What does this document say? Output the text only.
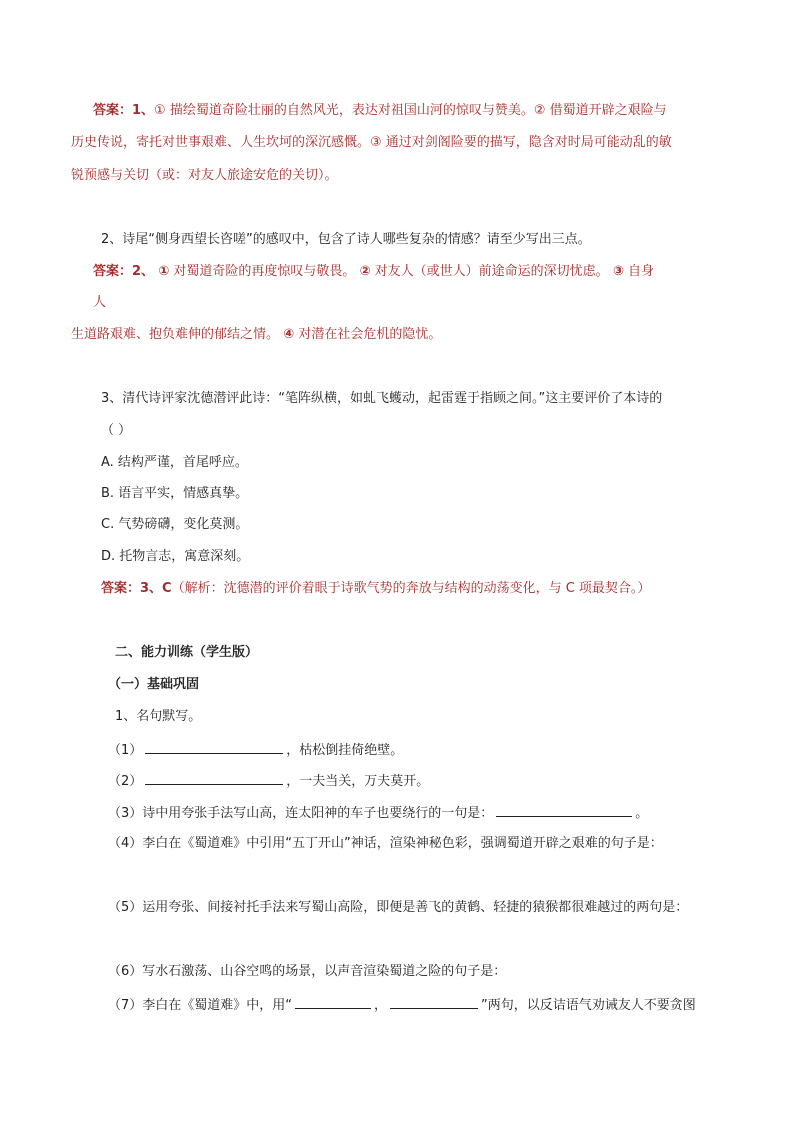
答案：1、① 描绘蜀道奇险壮丽的自然风光，表达对祖国山河的惊叹与赞美。② 借蜀道开辟之艰险与
历史传说，寄托对世事艰难、人生坎坷的深沉感慨。③ 通过对剑阁险要的描写，隐含对时局可能动乱的敏
锐预感与关切（或：对友人旅途安危的关切）。
2、诗尾“侧身西望长咨嗟”的感叹中，包含了诗人哪些复杂的情感？请至少写出三点。
答案：2、 ① 对蜀道奇险的再度惊叹与敬畏。 ② 对友人（或世人）前途命运的深切忧虑。 ③ 自身
人
生道路艰难、抱负难伸的郁结之情。 ④ 对潜在社会危机的隐忧。
3、清代诗评家沈德潜评此诗：“笔阵纵横，如虬飞蠖动，起雷霆于指顾之间。”这主要评价了本诗的
（ ）
A. 结构严谨，首尾呼应。
B. 语言平实，情感真挚。
C. 气势磅礴，变化莫测。
D. 托物言志，寓意深刻。
答案：3、C（解析：沈德潜的评价着眼于诗歌气势的奔放与结构的动荡变化，与 C 项最契合。）
二、能力训练（学生版）
（一）基础巩固
1、名句默写。
（1）	，枯松倒挂倚绝壁。
（2）	，一夫当关，万夫莫开。
（3）诗中用夸张手法写山高，连太阳神的车子也要绕行的一句是：	。
（4）李白在《蜀道难》中引用“五丁开山”神话，渲染神秘色彩，强调蜀道开辟之艰难的句子是：
（5）运用夸张、间接衬托手法来写蜀山高险，即便是善飞的黄鹤、轻捷的猿猴都很难越过的两句是：
（6）写水石激荡、山谷空鸣的场景，以声音渲染蜀道之险的句子是：
（7）李白在《蜀道难》中，用“	，	”两句，以反诘语气劝诫友人不要贪图
